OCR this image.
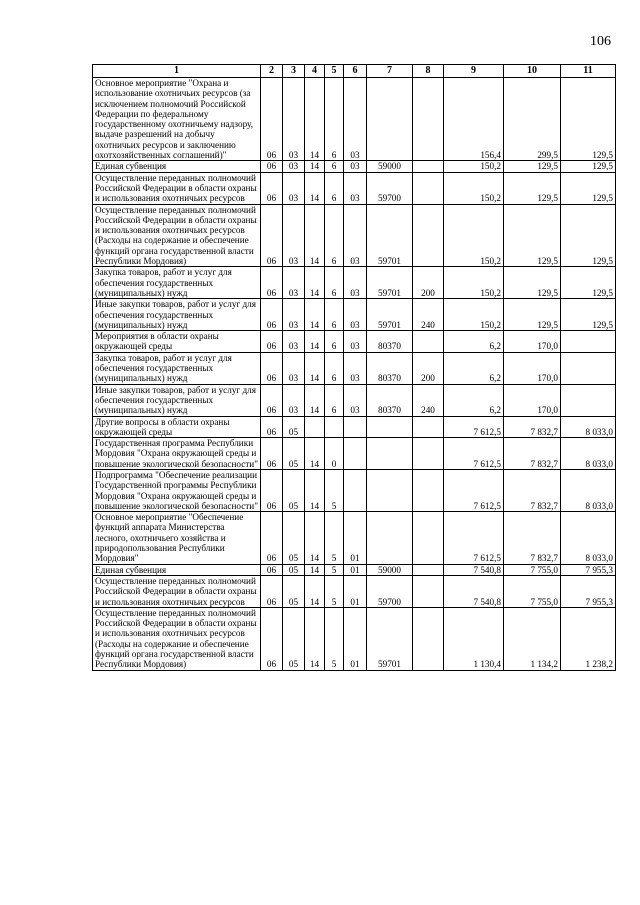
106
1	2	3	4	5	6	7	8	9	10	11
Основное мероприятие "Охрана и использование охотничьих ресурсов (за исключением полномочий Российской Федерации по федеральному государственному охотничьему надзору, выдаче разрешений на добычу охотничьих ресурсов и заключению охотхозяйственных соглашений)"	06	03	14	6	03			156,4	299,5	129,5
Единая субвенция	06	03	14	6	03	59000		150,2	129,5	129,5
Осуществление переданных полномочий Российской Федерации в области охраны и использования охотничьих ресурсов	06	03	14	6	03	59700		150,2	129,5	129,5
Осуществление переданных полномочий Российской Федерации в области охраны и использования охотничьих ресурсов (Расходы на содержание и обеспечение функций органа государственной власти Республики Мордовия)	06	03	14	6	03	59701		150,2	129,5	129,5
Закупка товаров, работ и услуг для обеспечения государственных (муниципальных) нужд	06	03	14	6	03	59701	200	150,2	129,5	129,5
Иные закупки товаров, работ и услуг для обеспечения государственных (муниципальных) нужд	06	03	14	6	03	59701	240	150,2	129,5	129,5
Мероприятия в области охраны окружающей среды	06	03	14	6	03	80370		6,2	170,0	
Закупка товаров, работ и услуг для обеспечения государственных (муниципальных) нужд	06	03	14	6	03	80370	200	6,2	170,0	
Иные закупки товаров, работ и услуг для обеспечения государственных (муниципальных) нужд	06	03	14	6	03	80370	240	6,2	170,0	
Другие вопросы в области охраны окружающей среды	06	05						7 612,5	7 832,7	8 033,0
Государственная программа Республики Мордовия "Охрана окружающей среды и повышение экологической безопасности"	06	05	14	0				7 612,5	7 832,7	8 033,0
Подпрограмма "Обеспечение реализации Государственной программы Республики Мордовия "Охрана окружающей среды и повышение экологической безопасности"	06	05	14	5				7 612,5	7 832,7	8 033,0
Основное мероприятие "Обеспечение функций аппарата Министерства лесного, охотничьего хозяйства и природопользования Республики Мордовия"	06	05	14	5	01			7 612,5	7 832,7	8 033,0
Единая субвенция	06	05	14	5	01	59000		7 540,8	7 755,0	7 955,3
Осуществление переданных полномочий Российской Федерации в области охраны и использования охотничьих ресурсов	06	05	14	5	01	59700		7 540,8	7 755,0	7 955,3
Осуществление переданных полномочий Российской Федерации в области охраны и использования охотничьих ресурсов (Расходы на содержание и обеспечение функций органа государственной власти Республики Мордовия)	06	05	14	5	01	59701		1 130,4	1 134,2	1 238,2
